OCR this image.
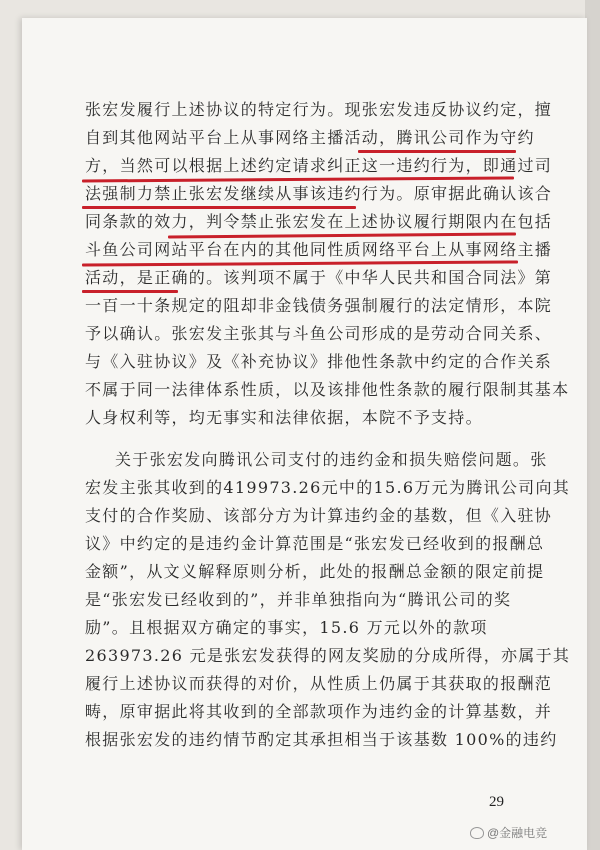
张宏发履行上述协议的特定行为。现张宏发违反协议约定，擅
自到其他网站平台上从事网络主播活动，腾讯公司作为守约
方，当然可以根据上述约定请求纠正这一违约行为，即通过司
法强制力禁止张宏发继续从事该违约行为。原审据此确认该合
同条款的效力，判令禁止张宏发在上述协议履行期限内在包括
斗鱼公司网站平台在内的其他同性质网络平台上从事网络主播
活动，是正确的。该判项不属于《中华人民共和国合同法》第
一百一十条规定的阻却非金钱债务强制履行的法定情形，本院
予以确认。张宏发主张其与斗鱼公司形成的是劳动合同关系、
与《入驻协议》及《补充协议》排他性条款中约定的合作关系
不属于同一法律体系性质，以及该排他性条款的履行限制其基本
人身权利等，均无事实和法律依据，本院不予支持。
关于张宏发向腾讯公司支付的违约金和损失赔偿问题。张
宏发主张其收到的419973.26元中的15.6万元为腾讯公司向其
支付的合作奖励、该部分方为计算违约金的基数，但《入驻协
议》中约定的是违约金计算范围是“张宏发已经收到的报酬总
金额”，从文义解释原则分析，此处的报酬总金额的限定前提
是“张宏发已经收到的”，并非单独指向为“腾讯公司的奖
励”。且根据双方确定的事实，15.6 万元以外的款项
263973.26 元是张宏发获得的网友奖励的分成所得，亦属于其
履行上述协议而获得的对价，从性质上仍属于其获取的报酬范
畴，原审据此将其收到的全部款项作为违约金的计算基数，并
根据张宏发的违约情节酌定其承担相当于该基数 100%的违约
29
@金融电竞
